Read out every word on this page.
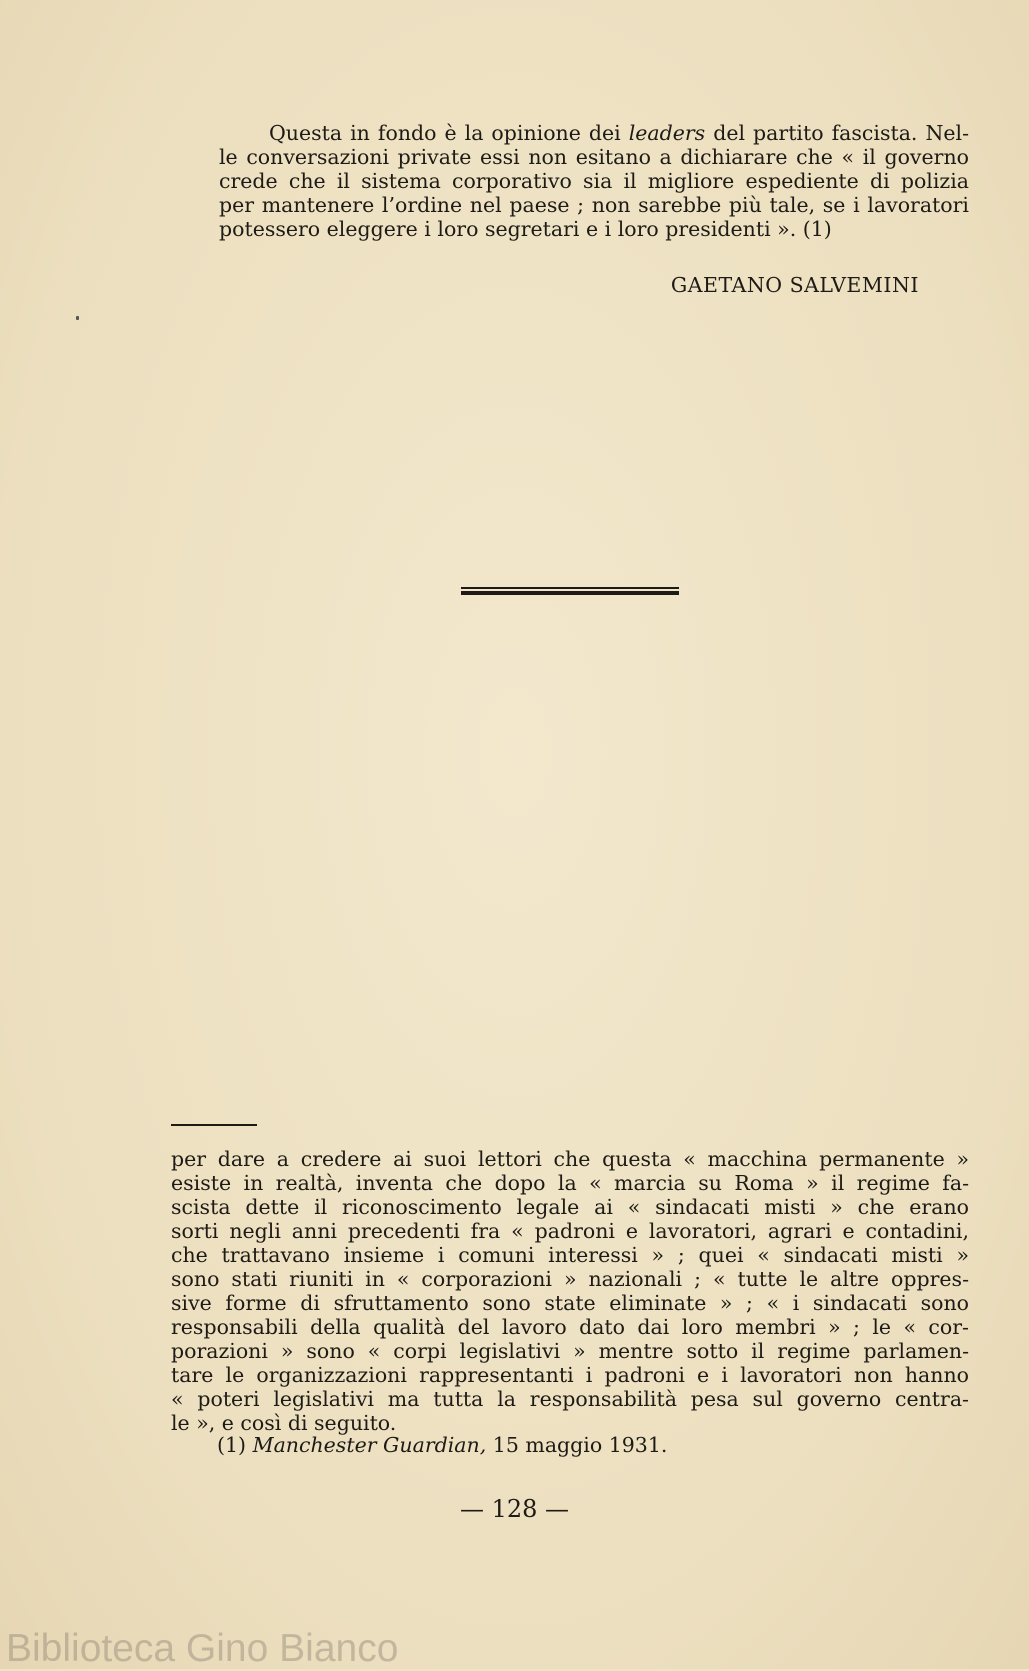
Questa in fondo è la opinione dei leaders del partito fascista. Nel-
le conversazioni private essi non esitano a dichiarare che « il governo
crede che il sistema corporativo sia il migliore espediente di polizia
per mantenere l’ordine nel paese ; non sarebbe più tale, se i lavoratori
potessero eleggere i loro segretari e i loro presidenti ». (1)
GAETANO SALVEMINI
per dare a credere ai suoi lettori che questa « macchina permanente »
esiste in realtà, inventa che dopo la « marcia su Roma » il regime fa-
scista dette il riconoscimento legale ai « sindacati misti » che erano
sorti negli anni precedenti fra « padroni e lavoratori, agrari e contadini,
che trattavano insieme i comuni interessi » ; quei « sindacati misti »
sono stati riuniti in « corporazioni » nazionali ; « tutte le altre oppres-
sive forme di sfruttamento sono state eliminate » ; « i sindacati sono
responsabili della qualità del lavoro dato dai loro membri » ; le « cor-
porazioni » sono « corpi legislativi » mentre sotto il regime parlamen-
tare le organizzazioni rappresentanti i padroni e i lavoratori non hanno
« poteri legislativi ma tutta la responsabilità pesa sul governo centra-
le », e così di seguito.
(1) Manchester Guardian, 15 maggio 1931.
— 128 —
Biblioteca Gino Bianco
